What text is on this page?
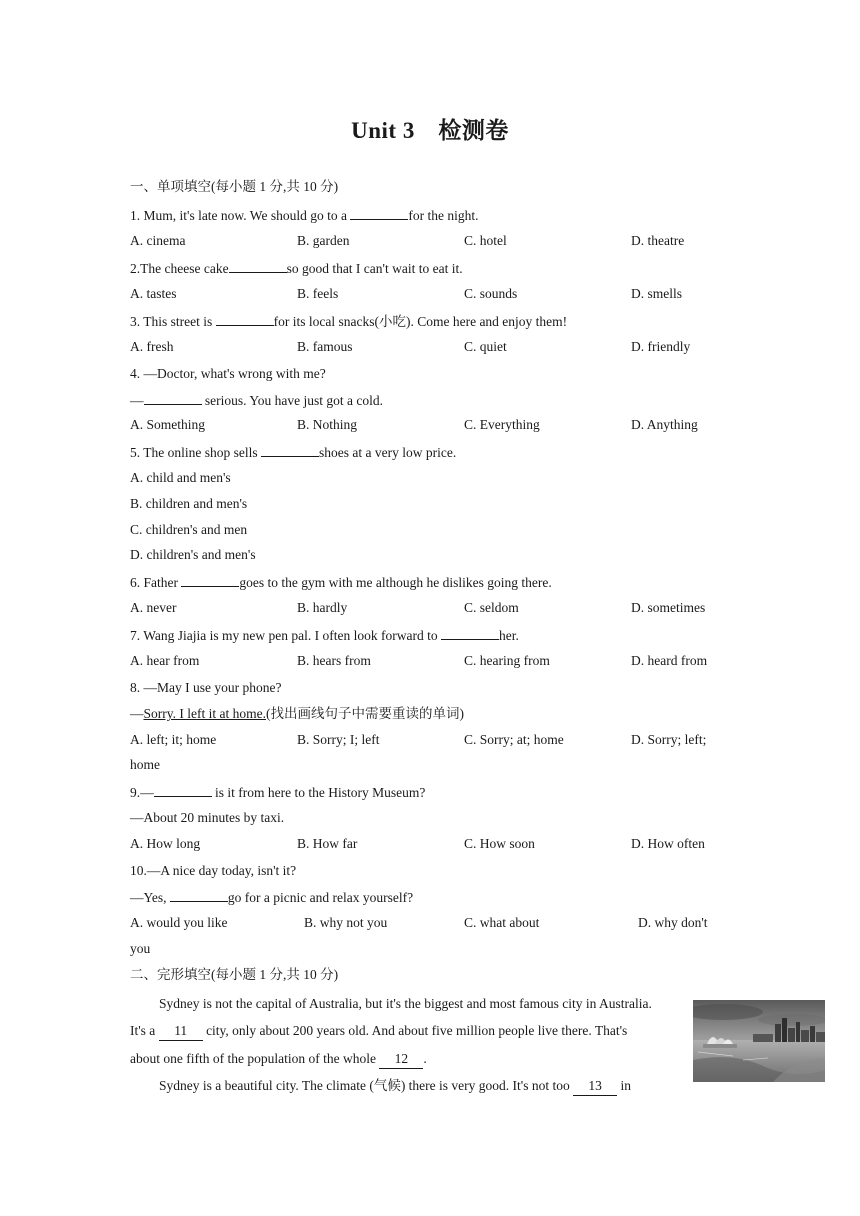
Unit 3　检测卷
一、单项填空(每小题 1 分,共 10 分)
1. Mum, it's late now. We should go to a	for the night.
A. cinema	B. garden	C. hotel	D. theatre
2.The cheese cake	so good that I can't wait to eat it.
A. tastes	B. feels	C. sounds	D. smells
3. This street is	for its local snacks(小吃). Come here and enjoy them!
A. fresh	B. famous	C. quiet	D. friendly
4. —Doctor, what's wrong with me?
—	serious. You have just got a cold.
A. Something	B. Nothing	C. Everything	D. Anything
5. The online shop sells	shoes at a very low price.
A. child and men's
B. children and men's
C. children's and men
D. children's and men's
6. Father	goes to the gym with me although he dislikes going there.
A. never	B. hardly	C. seldom	D. sometimes
7. Wang Jiajia is my new pen pal. I often look forward to	her.
A. hear from	B. hears from	C. hearing from	D. heard from
8. —May I use your phone?
—Sorry. I left it at home.(找出画线句子中需要重读的单词)
A. left; it; home	B. Sorry; I; left	C. Sorry; at; home	D. Sorry; left;
home
9.—	is it from here to the History Museum?
—About 20 minutes by taxi.
A. How long	B. How far	C. How soon	D. How often
10.—A nice day today, isn't it?
—Yes,	go for a picnic and relax yourself?
A. would you like	B. why not you	C. what about	D. why don't
you
二、完形填空(每小题 1 分,共 10 分)
Sydney is not the capital of Australia, but it's the biggest and most famous city in Australia.
It's a 11 city, only about 200 years old. And about five million people live there. That's
about one fifth of the population of the whole 12 .
Sydney is a beautiful city. The climate (气候) there is very good. It's not too 13 in
